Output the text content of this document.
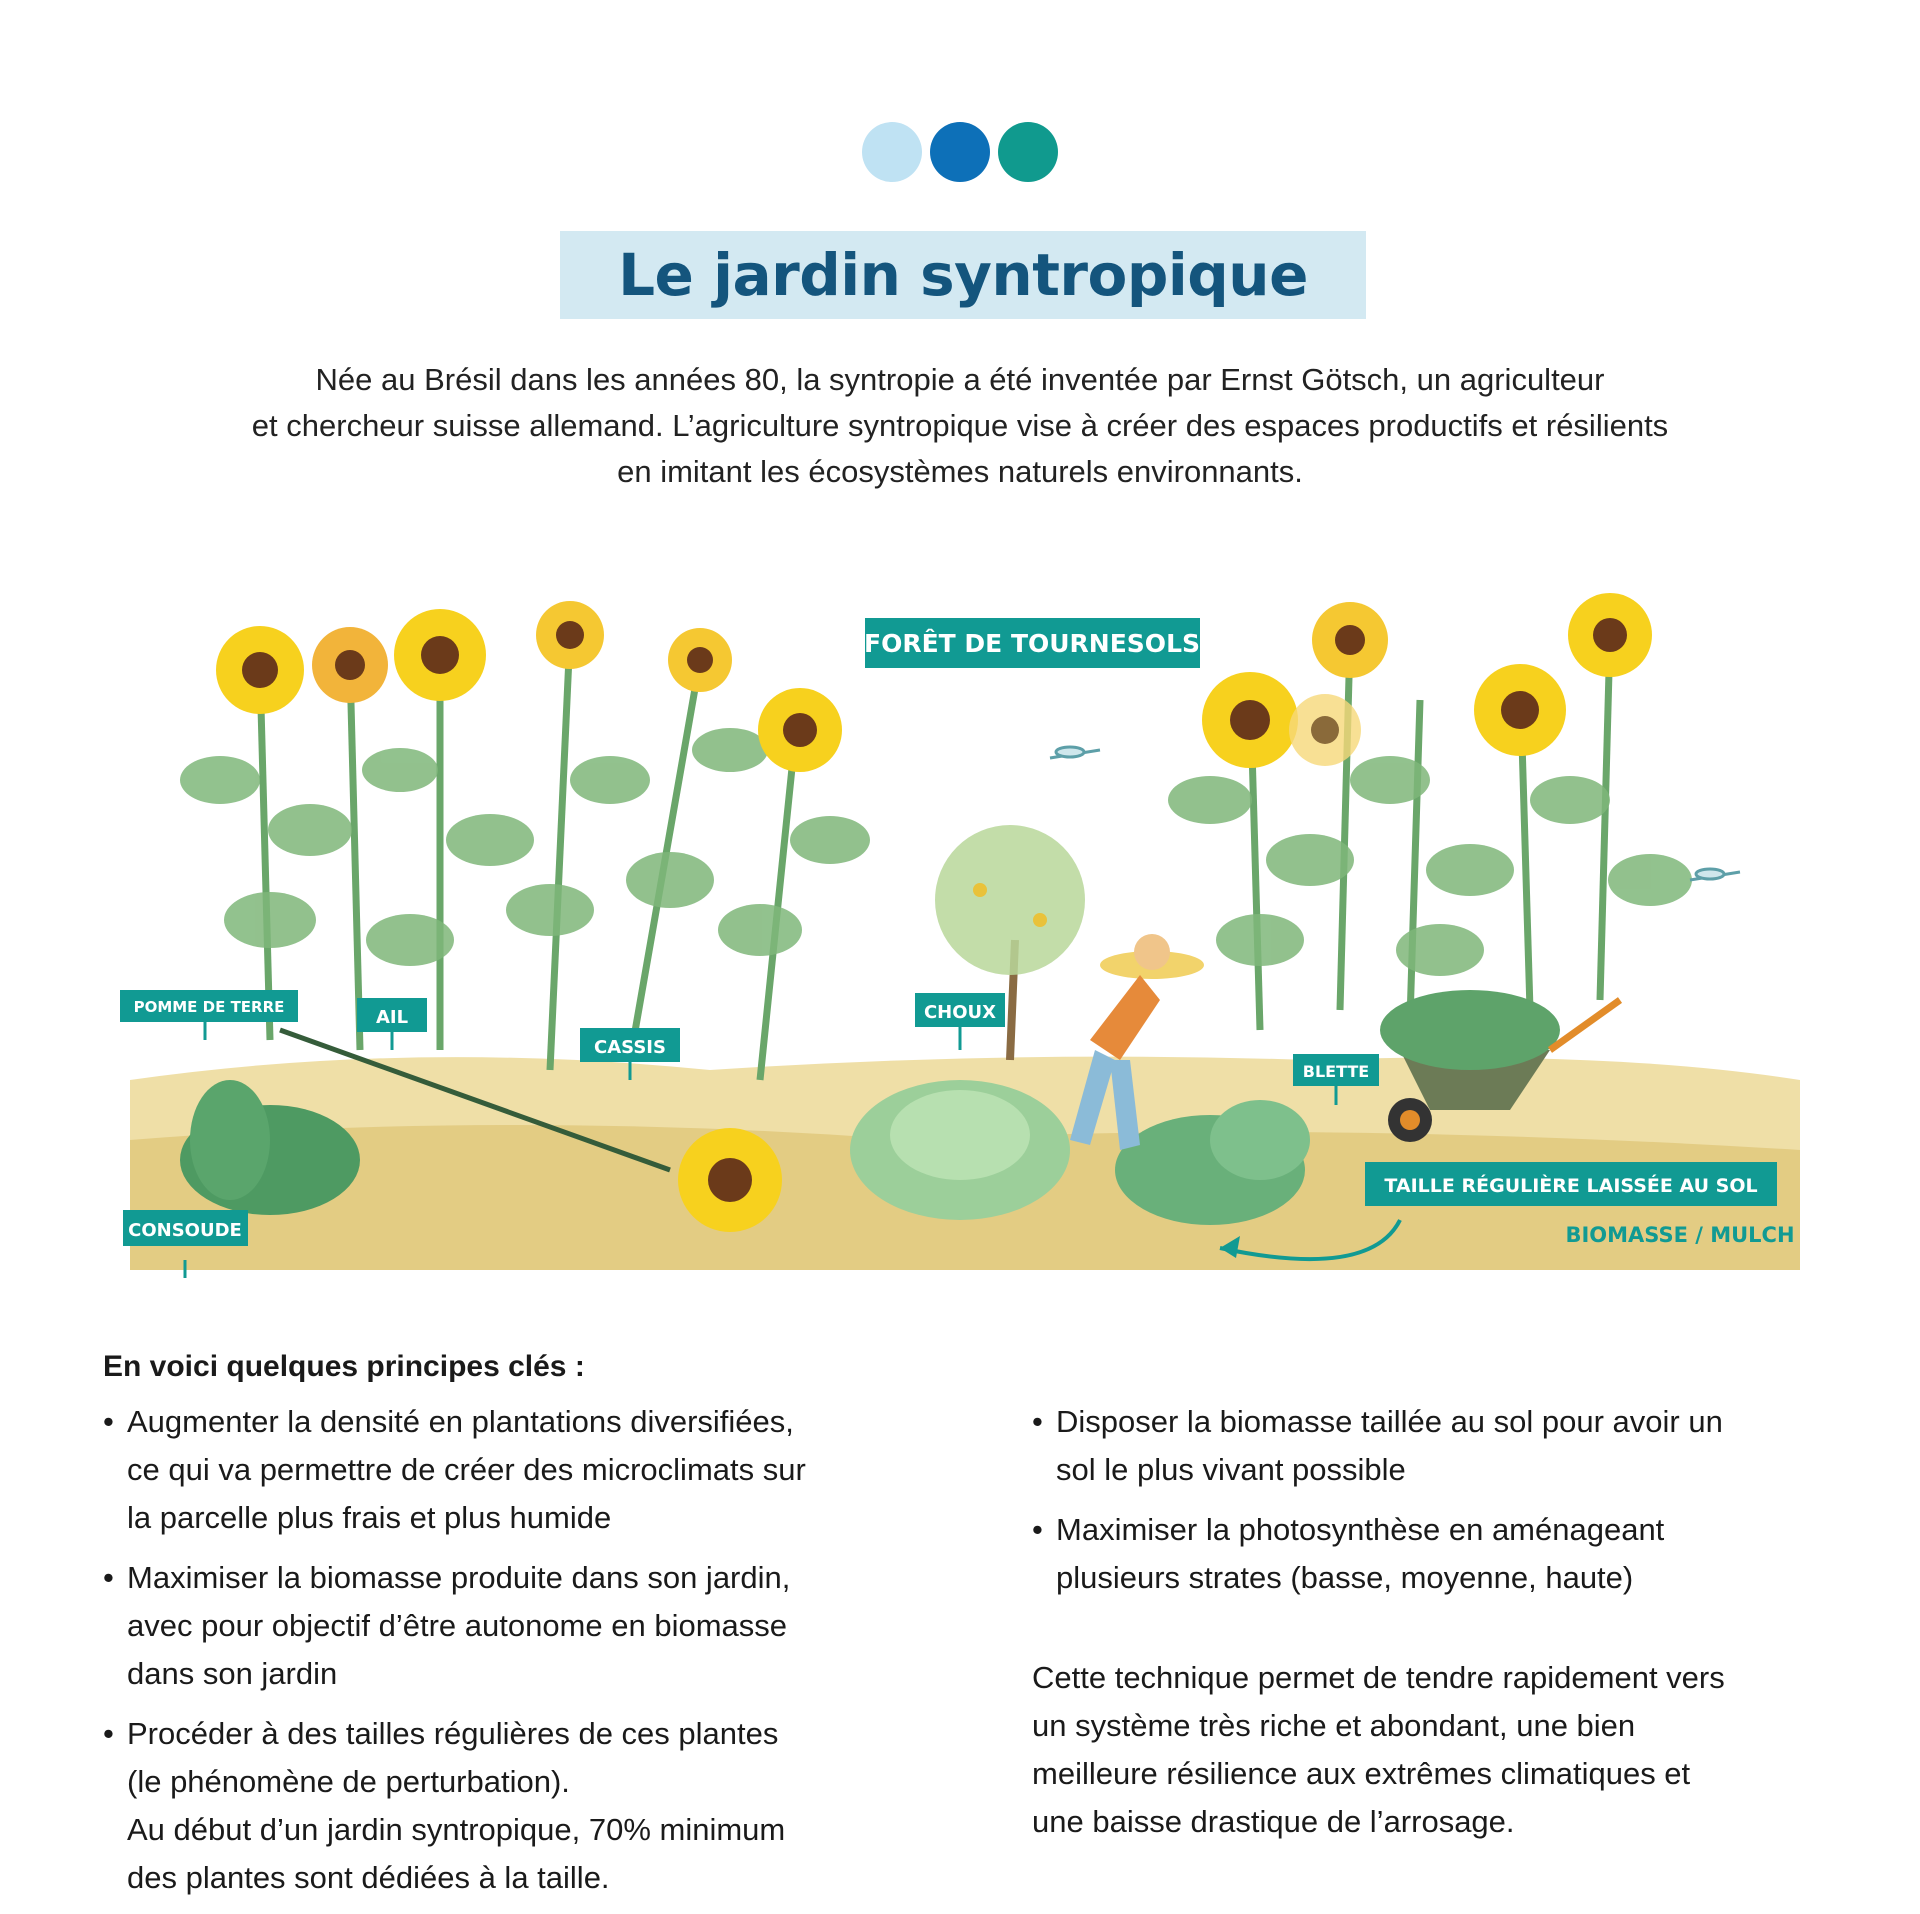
Le jardin syntropique

Née au Brésil dans les années 80, la syntropie a été inventée par Ernst Götsch, un agriculteur

et chercheur suisse allemand. L’agriculture syntropique vise à créer des espaces productifs et résilients

en imitant les écosystèmes naturels environnants.

FORÊT DE TOURNESOLS
POMME DE TERRE	AIL
CASSIS
CHOUX
BLETTE
CONSOUDE
TAILLE RÉGULIÈRE LAISSÉE AU SOL
BIOMASSE / MULCH
En voici quelques principes clés :
• Augmenter la densité en plantations diversifiées,
ce qui va permettre de créer des microclimats sur
la parcelle plus frais et plus humide
• Maximiser la biomasse produite dans son jardin,
avec pour objectif d’être autonome en biomasse
dans son jardin
• Procéder à des tailles régulières de ces plantes
(le phénomène de perturbation).
Au début d’un jardin syntropique, 70% minimum
des plantes sont dédiées à la taille.
• Disposer la biomasse taillée au sol pour avoir un
sol le plus vivant possible
• Maximiser la photosynthèse en aménageant
plusieurs strates (basse, moyenne, haute)
Cette technique permet de tendre rapidement vers
un système très riche et abondant, une bien
meilleure résilience aux extrêmes climatiques et
une baisse drastique de l’arrosage.
